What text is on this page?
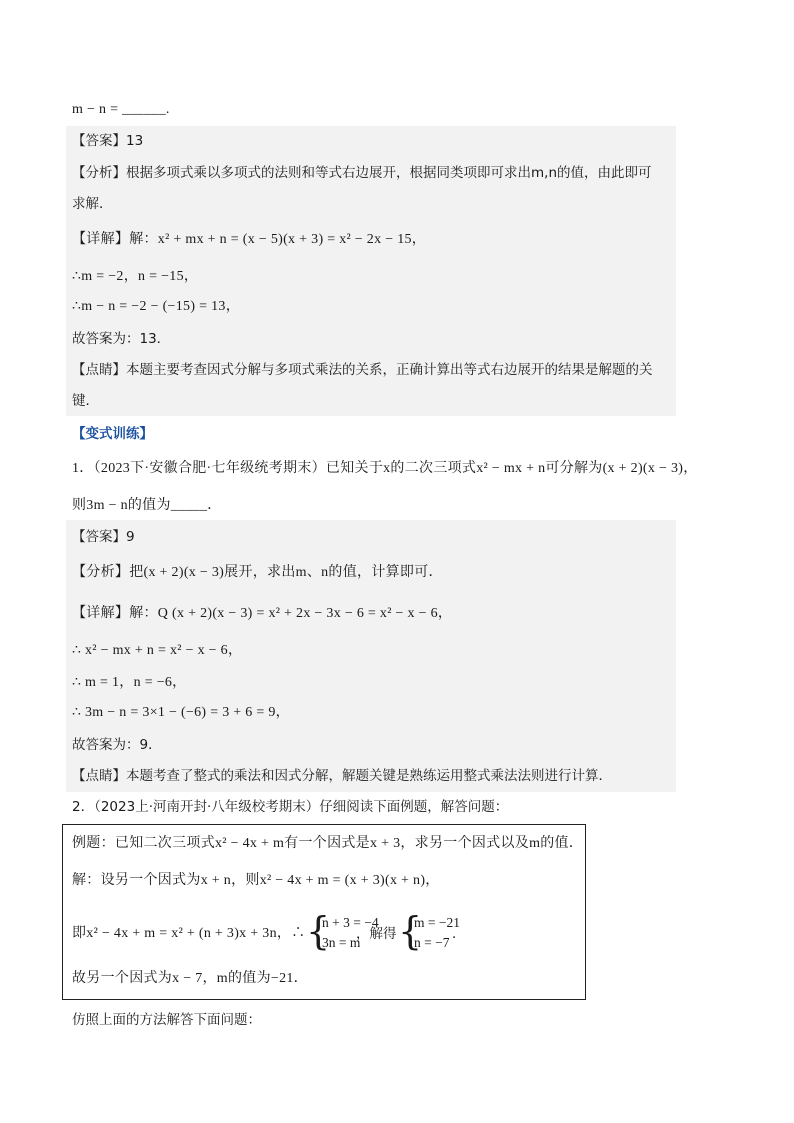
m − n = ______.
【答案】13
【分析】根据多项式乘以多项式的法则和等式右边展开，根据同类项即可求出m,n的值，由此即可
求解．
【详解】解：x² + mx + n = (x − 5)(x + 3) = x² − 2x − 15，
∴m = −2，n = −15，
∴m − n = −2 − (−15) = 13，
故答案为：13．
【点睛】本题主要考查因式分解与多项式乘法的关系，正确计算出等式右边展开的结果是解题的关
键．
【变式训练】
1．（2023下·安徽合肥·七年级统考期末）已知关于x的二次三项式x² − mx + n可分解为(x + 2)(x − 3)，
则3m − n的值为_____．
【答案】9
【分析】把(x + 2)(x − 3)展开，求出m、n的值，计算即可．
【详解】解：Q (x + 2)(x − 3) = x² + 2x − 3x − 6 = x² − x − 6，
∴ x² − mx + n = x² − x − 6，
∴ m = 1，n = −6，
∴ 3m − n = 3×1 − (−6) = 3 + 6 = 9，
故答案为：9．
【点睛】本题考查了整式的乘法和因式分解，解题关键是熟练运用整式乘法法则进行计算．
2．（2023上·河南开封·八年级校考期末）仔细阅读下面例题，解答问题：
例题：已知二次三项式x² − 4x + m有一个因式是x + 3，求另一个因式以及m的值．
解：设另一个因式为x + n，则x² − 4x + m = (x + 3)(x + n)，
即x² − 4x + m = x² + (n + 3)x + 3n，∴ {
n + 3 = −4
3n = m
，解得 {
m = −21
n = −7
．
故另一个因式为x − 7，m的值为−21．
仿照上面的方法解答下面问题：
